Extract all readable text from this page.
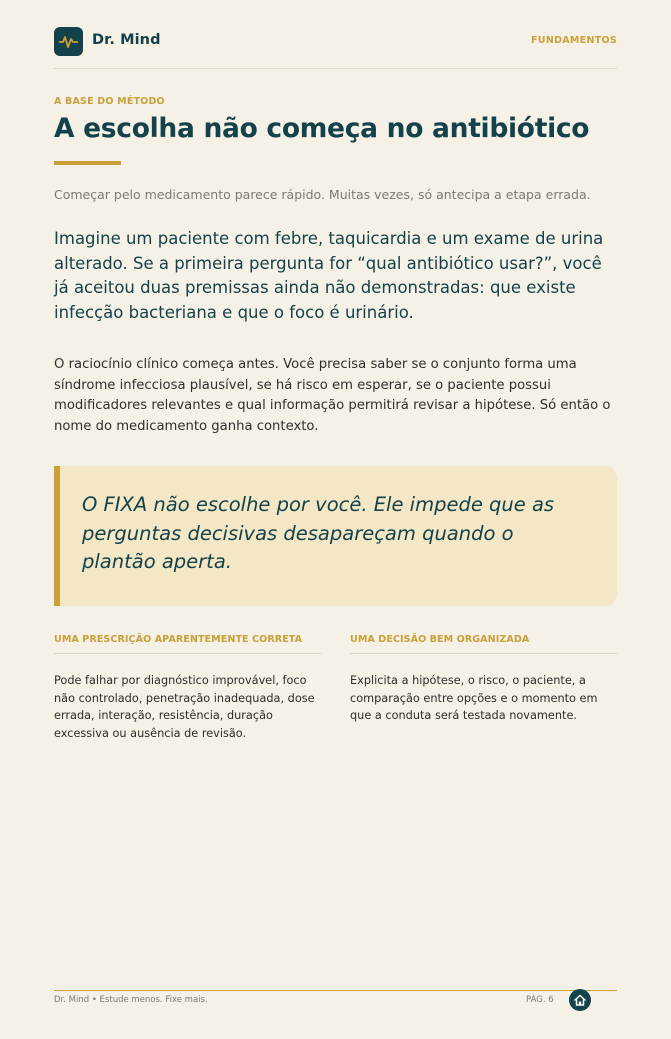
Dr. Mind	FUNDAMENTOS
A BASE DO MÉTODO
A escolha não começa no antibiótico
Começar pelo medicamento parece rápido. Muitas vezes, só antecipa a etapa errada.
Imagine um paciente com febre, taquicardia e um exame de urina alterado. Se a primeira pergunta for “qual antibiótico usar?”, você já aceitou duas premissas ainda não demonstradas: que existe infecção bacteriana e que o foco é urinário.
O raciocínio clínico começa antes. Você precisa saber se o conjunto forma uma síndrome infecciosa plausível, se há risco em esperar, se o paciente possui modificadores relevantes e qual informação permitirá revisar a hipótese. Só então o nome do medicamento ganha contexto.
O FIXA não escolhe por você. Ele impede que as perguntas decisivas desapareçam quando o plantão aperta.
UMA PRESCRIÇÃO APARENTEMENTE CORRETA
Pode falhar por diagnóstico improvável, foco não controlado, penetração inadequada, dose errada, interação, resistência, duração excessiva ou ausência de revisão.
UMA DECISÃO BEM ORGANIZADA
Explicita a hipótese, o risco, o paciente, a comparação entre opções e o momento em que a conduta será testada novamente.
Dr. Mind • Estude menos. Fixe mais.	PÁG. 6
